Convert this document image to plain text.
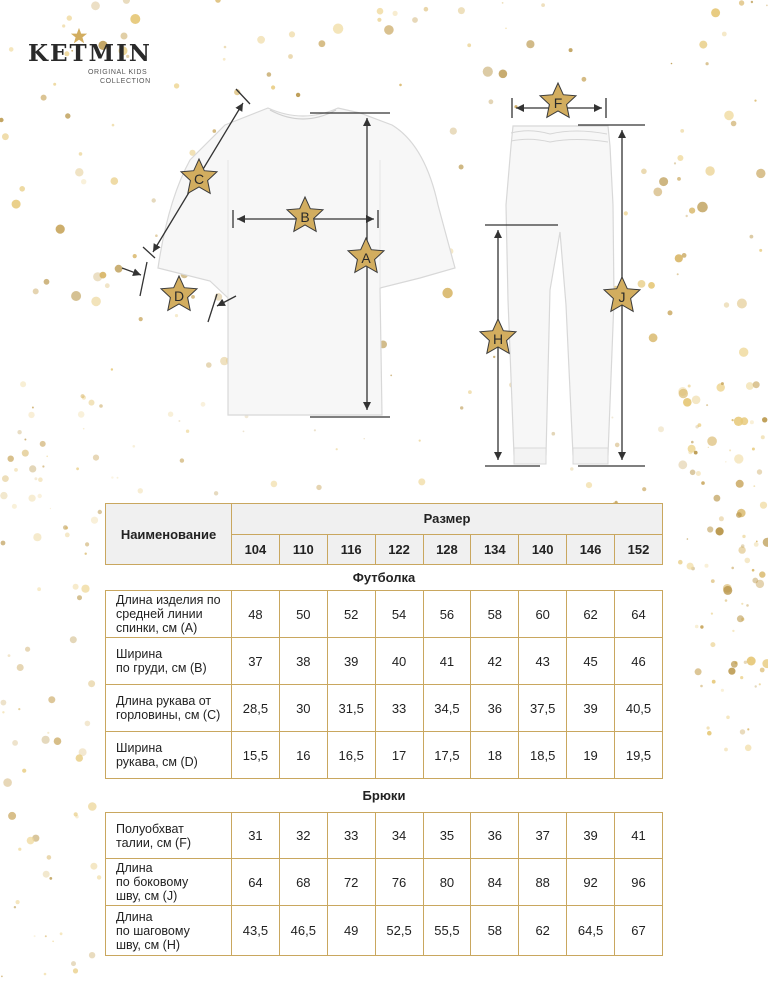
KETMIN
ORIGINAL KIDS
COLLECTION
A
B
C
D
F
H
J
Наименование	Размер								
	104	110	116	122	128	134	140	146	152
Футболка									

Длина изделия по
средней линии
спинки, см (А)	48	50	52	54	56	58	60	62	64

Ширина
по груди, см (В)	37	38	39	40	41	42	43	45	46

Длина рукава от
горловины, см (С)	28,5	30	31,5	33	34,5	36	37,5	39	40,5

Ширина
рукава, см (D)	15,5	16	16,5	17	17,5	18	18,5	19	19,5
Брюки									

Полуобхват
талии, см (F)	31	32	33	34	35	36	37	39	41

Длина
по боковому
шву, см (J)	64	68	72	76	80	84	88	92	96

Длина
по шаговому
шву, см (H)	43,5	46,5	49	52,5	55,5	58	62	64,5	67
